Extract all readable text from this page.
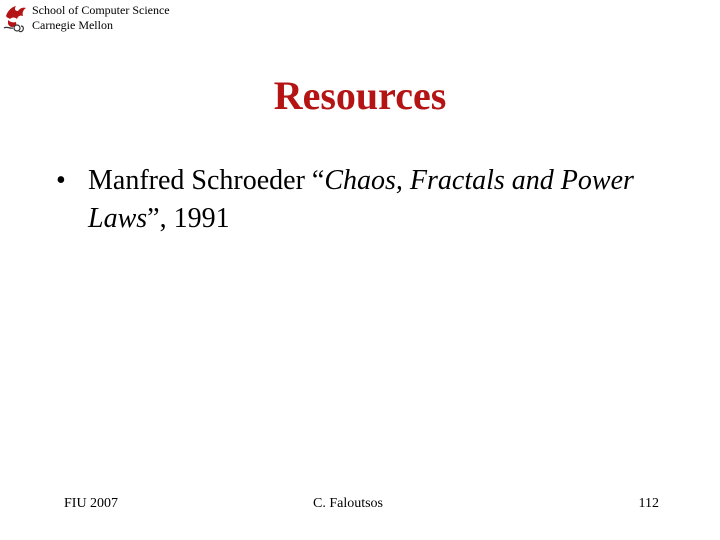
School of Computer Science
Carnegie Mellon
Resources
• Manfred Schroeder “Chaos, Fractals and Power Laws”, 1991
FIU 2007	C. Faloutsos	112
